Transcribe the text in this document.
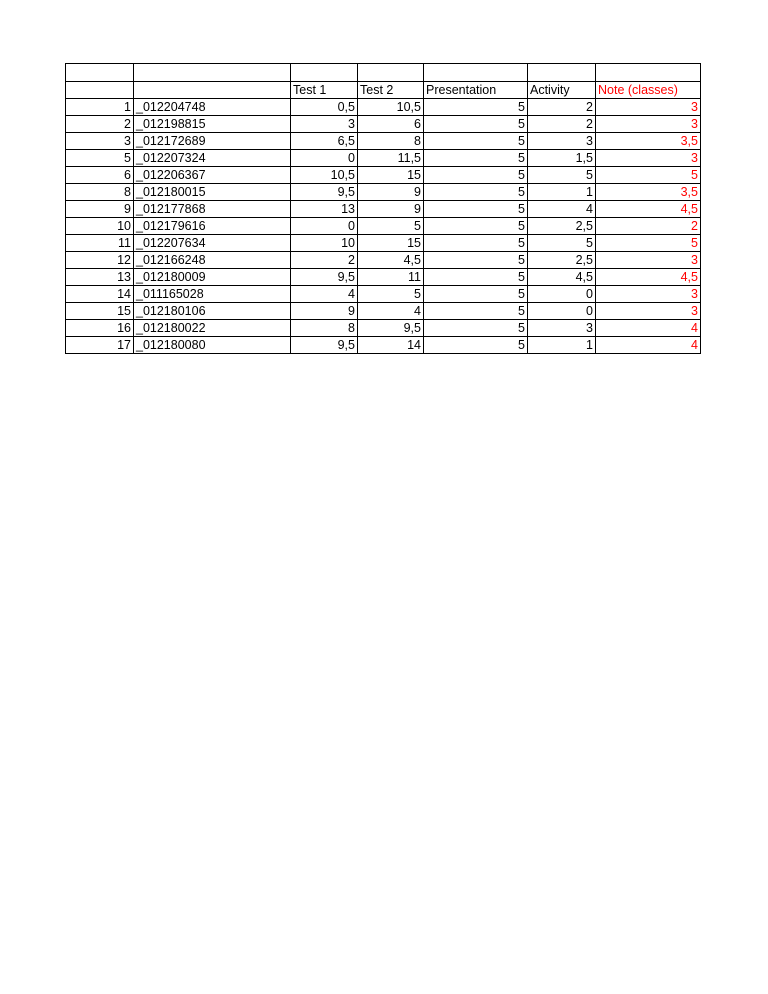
		Test 1	Test 2	Presentation	Activity	Note (classes)
1	_012204748	0,5	10,5	5	2	3
2	_012198815	3	6	5	2	3
3	_012172689	6,5	8	5	3	3,5
5	_012207324	0	11,5	5	1,5	3
6	_012206367	10,5	15	5	5	5
8	_012180015	9,5	9	5	1	3,5
9	_012177868	13	9	5	4	4,5
10	_012179616	0	5	5	2,5	2
11	_012207634	10	15	5	5	5
12	_012166248	2	4,5	5	2,5	3
13	_012180009	9,5	11	5	4,5	4,5
14	_011165028	4	5	5	0	3
15	_012180106	9	4	5	0	3
16	_012180022	8	9,5	5	3	4
17	_012180080	9,5	14	5	1	4
